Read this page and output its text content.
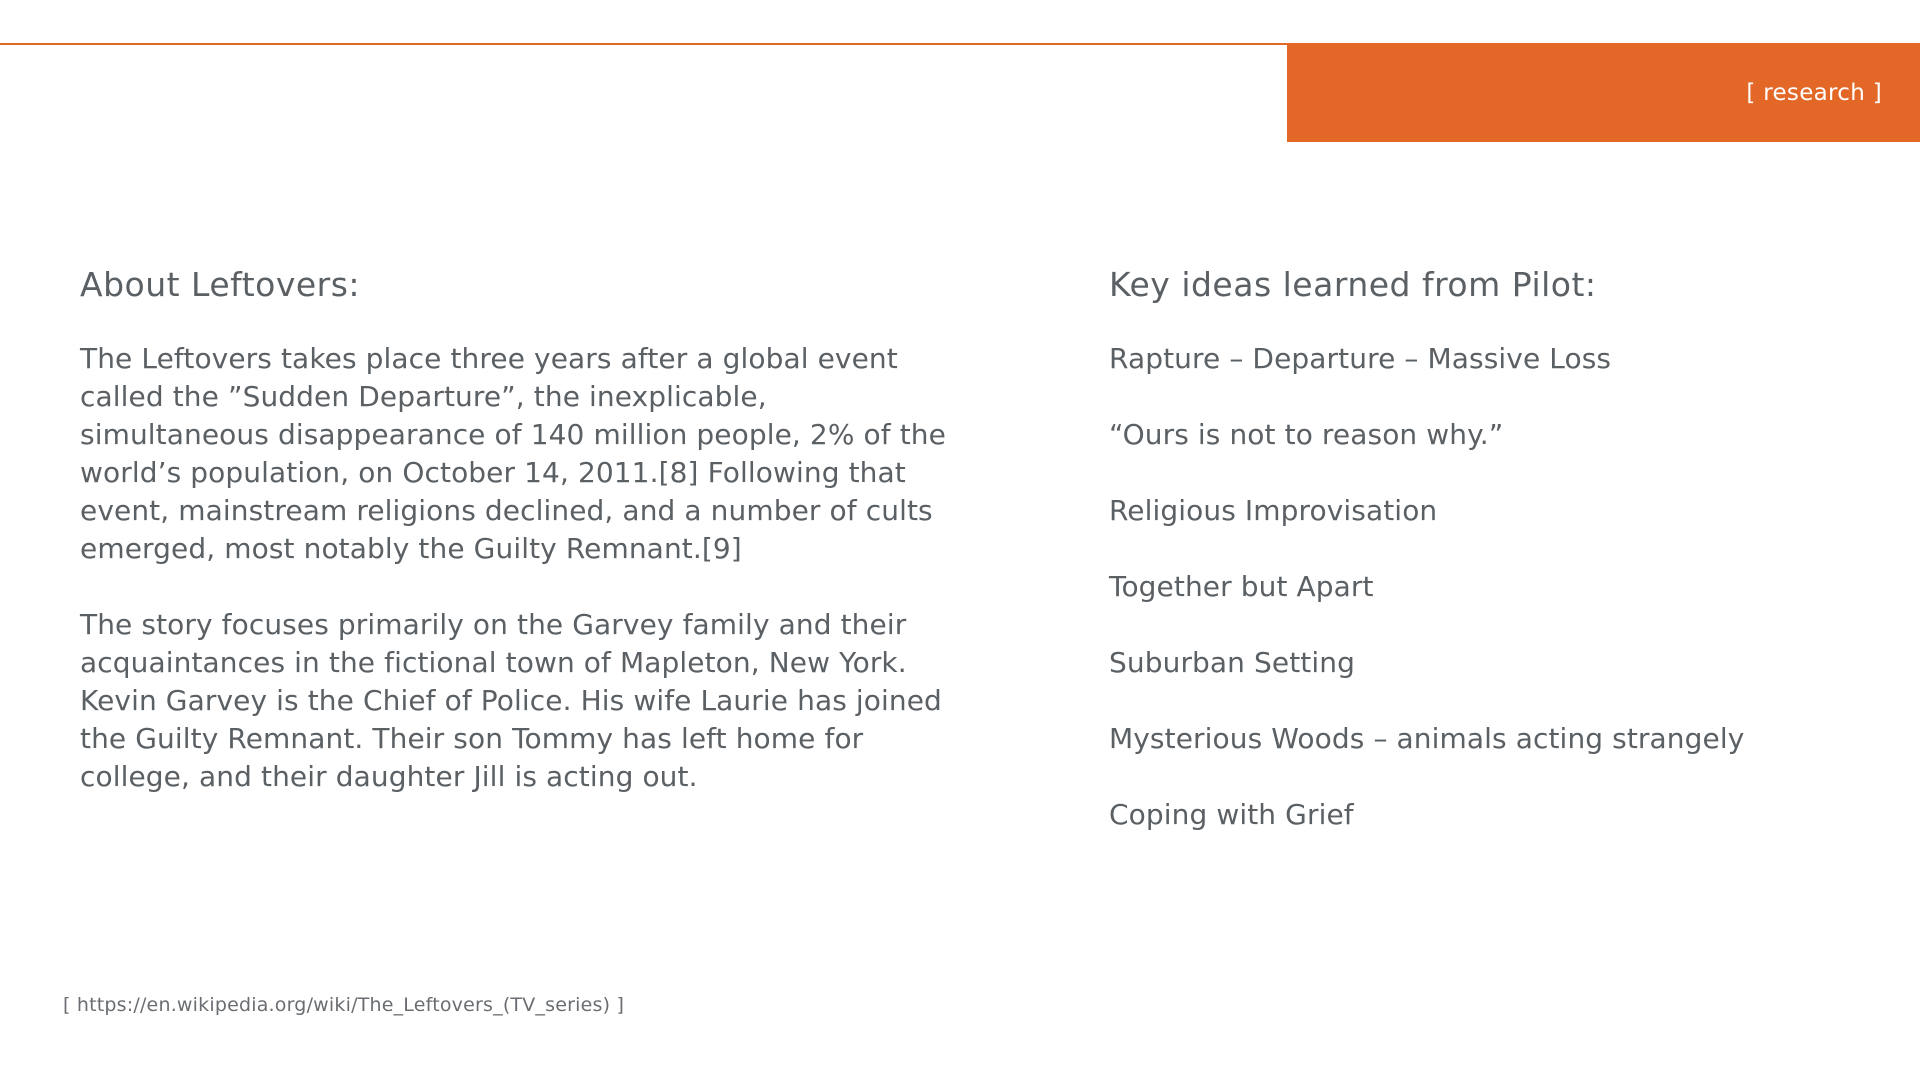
[ research ]
About Leftovers:

The Leftovers takes place three years after a global event called the ”Sudden Departure”, the inexplicable, simultaneous disappearance of 140 million people, 2% of the world’s population, on October 14, 2011.[8] Following that event, mainstream religions declined, and a number of cults emerged, most notably the Guilty Remnant.[9]

The story focuses primarily on the Garvey family and their acquaintances in the fictional town of Mapleton, New York. Kevin Garvey is the Chief of Police. His wife Laurie has joined the Guilty Remnant. Their son Tommy has left home for college, and their daughter Jill is acting out.

Key ideas learned from Pilot:
Rapture – Departure – Massive Loss
“Ours is not to reason why.”
Religious Improvisation
Together but Apart
Suburban Setting
Mysterious Woods – animals acting strangely
Coping with Grief
[ https://en.wikipedia.org/wiki/The_Leftovers_(TV_series) ]
